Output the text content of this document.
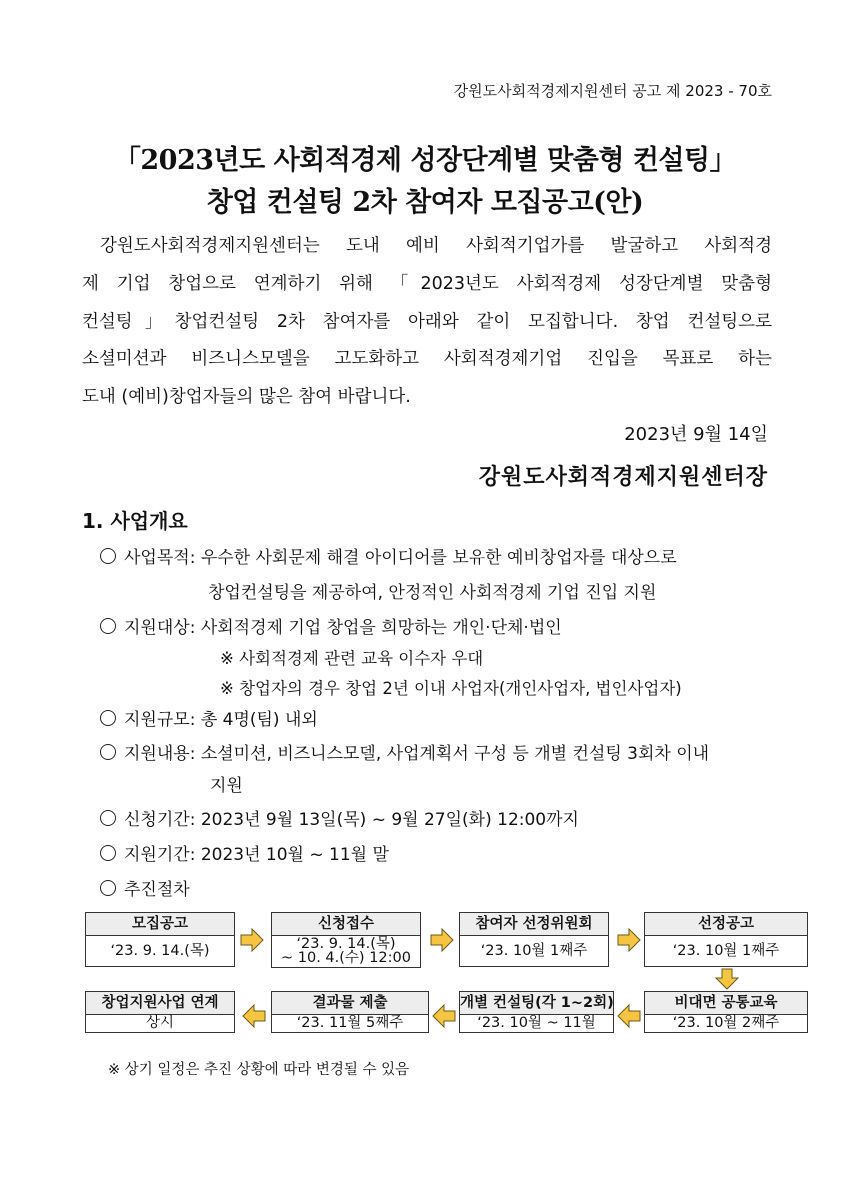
강원도사회적경제지원센터 공고 제 2023 - 70호
「2023년도 사회적경제 성장단계별 맞춤형 컨설팅」
창업 컨설팅 2차 참여자 모집공고(안)
강원도사회적경제지원센터는 도내 예비 사회적기업가를 발굴하고 사회적경
제 기업 창업으로 연계하기 위해 「2023년도 사회적경제 성장단계별 맞춤형
컨설팅」창업컨설팅 2차 참여자를 아래와 같이 모집합니다. 창업 컨설팅으로
소셜미션과 비즈니스모델을 고도화하고 사회적경제기업 진입을 목표로 하는
도내 (예비)창업자들의 많은 참여 바랍니다.
2023년 9월 14일
강원도사회적경제지원센터장
1. 사업개요
사업목적: 우수한 사회문제 해결 아이디어를 보유한 예비창업자를 대상으로
창업컨설팅을 제공하여, 안정적인 사회적경제 기업 진입 지원
지원대상: 사회적경제 기업 창업을 희망하는 개인·단체·법인
※ 사회적경제 관련 교육 이수자 우대
※ 창업자의 경우 창업 2년 이내 사업자(개인사업자, 법인사업자)
지원규모: 총 4명(팀) 내외
지원내용: 소셜미션, 비즈니스모델, 사업계획서 구성 등 개별 컨설팅 3회차 이내
지원
신청기간: 2023년 9월 13일(목) ~ 9월 27일(화) 12:00까지
지원기간: 2023년 10월 ~ 11월 말
추진절차
모집공고
‘23. 9. 14.(목)
신청접수
‘23. 9. 14.(목)
~ 10. 4.(수) 12:00
참여자 선정위원회
‘23. 10월 1째주
선정공고
‘23. 10월 1째주
비대면 공통교육
‘23. 10월 2째주
개별 컨설팅(각 1~2회)
‘23. 10월 ~ 11월
결과물 제출
‘23. 11월 5째주
창업지원사업 연계
상시
※ 상기 일정은 추진 상황에 따라 변경될 수 있음
